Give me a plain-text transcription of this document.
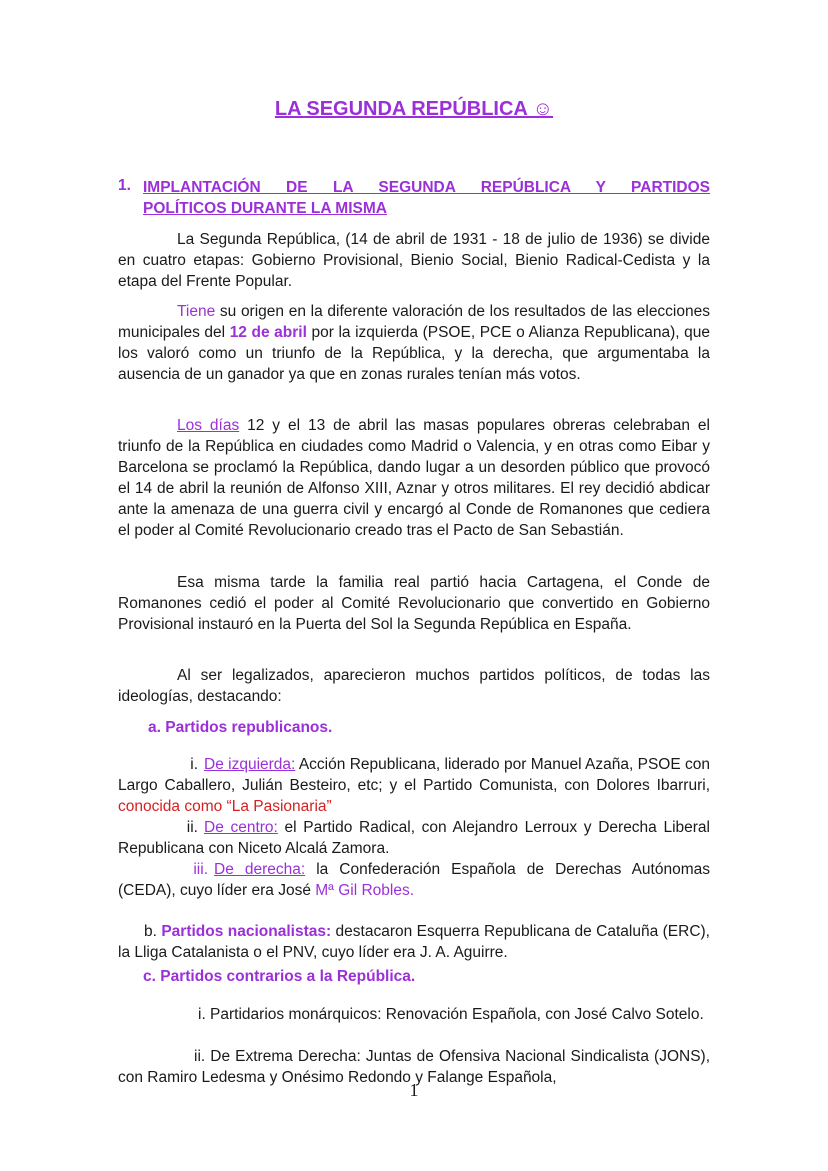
LA SEGUNDA REPÚBLICA ☺
1. IMPLANTACIÓN DE LA SEGUNDA REPÚBLICA Y PARTIDOS
POLÍTICOS DURANTE LA MISMA

La Segunda República, (14 de abril de 1931 - 18 de julio de 1936) se divide en cuatro etapas: Gobierno Provisional, Bienio Social, Bienio Radical-Cedista y la etapa del Frente Popular.

Tiene su origen en la diferente valoración de los resultados de las elecciones municipales del 12 de abril por la izquierda (PSOE, PCE o Alianza Republicana), que los valoró como un triunfo de la República, y la derecha, que argumentaba la ausencia de un ganador ya que en zonas rurales tenían más votos.

Los días 12 y el 13 de abril las masas populares obreras celebraban el triunfo de la República en ciudades como Madrid o Valencia, y en otras como Eibar y Barcelona se proclamó la República, dando lugar a un desorden público que provocó el 14 de abril la reunión de Alfonso XIII, Aznar y otros militares. El rey decidió abdicar ante la amenaza de una guerra civil y encargó al Conde de Romanones que cediera el poder al Comité Revolucionario creado tras el Pacto de San Sebastián.

Esa misma tarde la familia real partió hacia Cartagena, el Conde de Romanones cedió el poder al Comité Revolucionario que convertido en Gobierno Provisional instauró en la Puerta del Sol la Segunda República en España.

Al ser legalizados, aparecieron muchos partidos políticos, de todas las ideologías, destacando:

a. Partidos republicanos.

i. De izquierda: Acción Republicana, liderado por Manuel Azaña, PSOE con Largo Caballero, Julián Besteiro, etc; y el Partido Comunista, con Dolores Ibarruri, conocida como “La Pasionaria”

ii. De centro: el Partido Radical, con Alejandro Lerroux y Derecha Liberal Republicana con Niceto Alcalá Zamora.

iii. De derecha: la Confederación Española de Derechas Autónomas (CEDA), cuyo líder era José Mª Gil Robles.

b. Partidos nacionalistas: destacaron Esquerra Republicana de Cataluña (ERC), la Lliga Catalanista o el PNV, cuyo líder era J. A. Aguirre.

c. Partidos contrarios a la República.

i. Partidarios monárquicos: Renovación Española, con José Calvo Sotelo.

ii. De Extrema Derecha: Juntas de Ofensiva Nacional Sindicalista (JONS), con Ramiro Ledesma y Onésimo Redondo y Falange Española,

1
